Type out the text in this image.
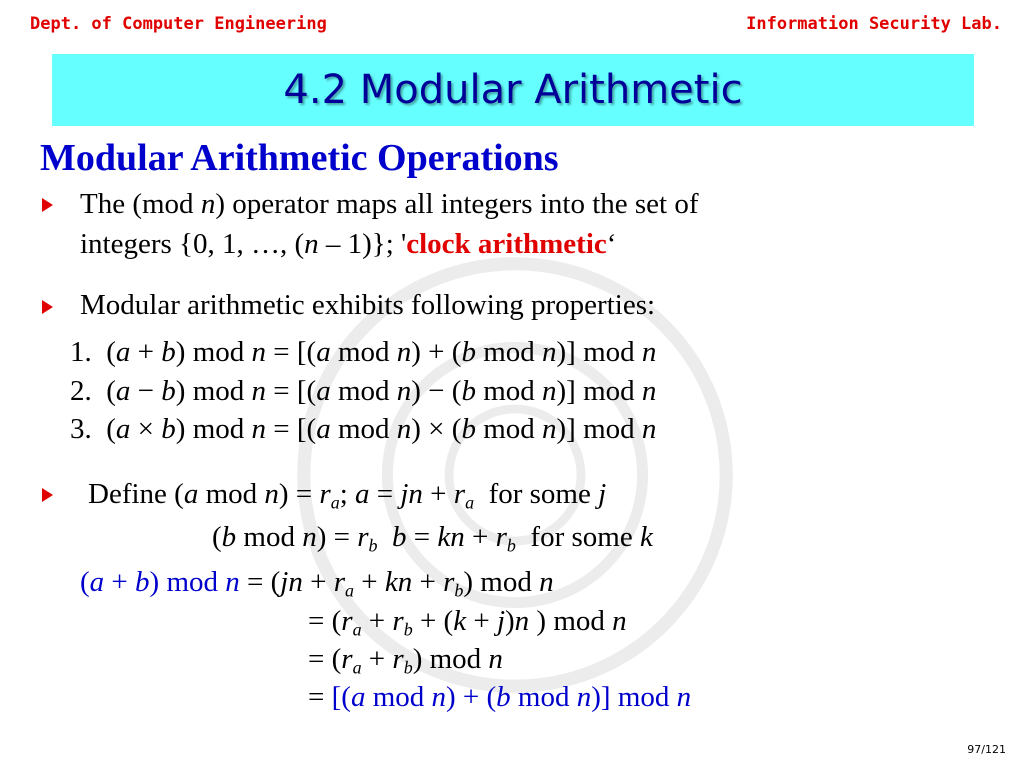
Dept. of Computer Engineering	Information Security Lab.
4.2 Modular Arithmetic
Modular Arithmetic Operations
The (mod n) operator maps all integers into the set of
integers {0, 1, …, (n – 1)}; 'clock arithmetic‘
Modular arithmetic exhibits following properties:
1.  (a + b) mod n = [(a mod n) + (b mod n)] mod n
2.  (a − b) mod n = [(a mod n) − (b mod n)] mod n
3.  (a × b) mod n = [(a mod n) × (b mod n)] mod n
Define (a mod $n) = r_a$; a = jn + $r_a$ for some j
(b mod $n) = r_b$ b = kn + $r_b$ for some k
(a + b) mod $n = (jn + r_a$ + kn + $r_b$) mod n
= ($r_a + r_b + (k + j)n$ ) mod n
= $(r_a + r_b)$ mod n
= [(a mod n) + (b mod n)] mod n
97/121
